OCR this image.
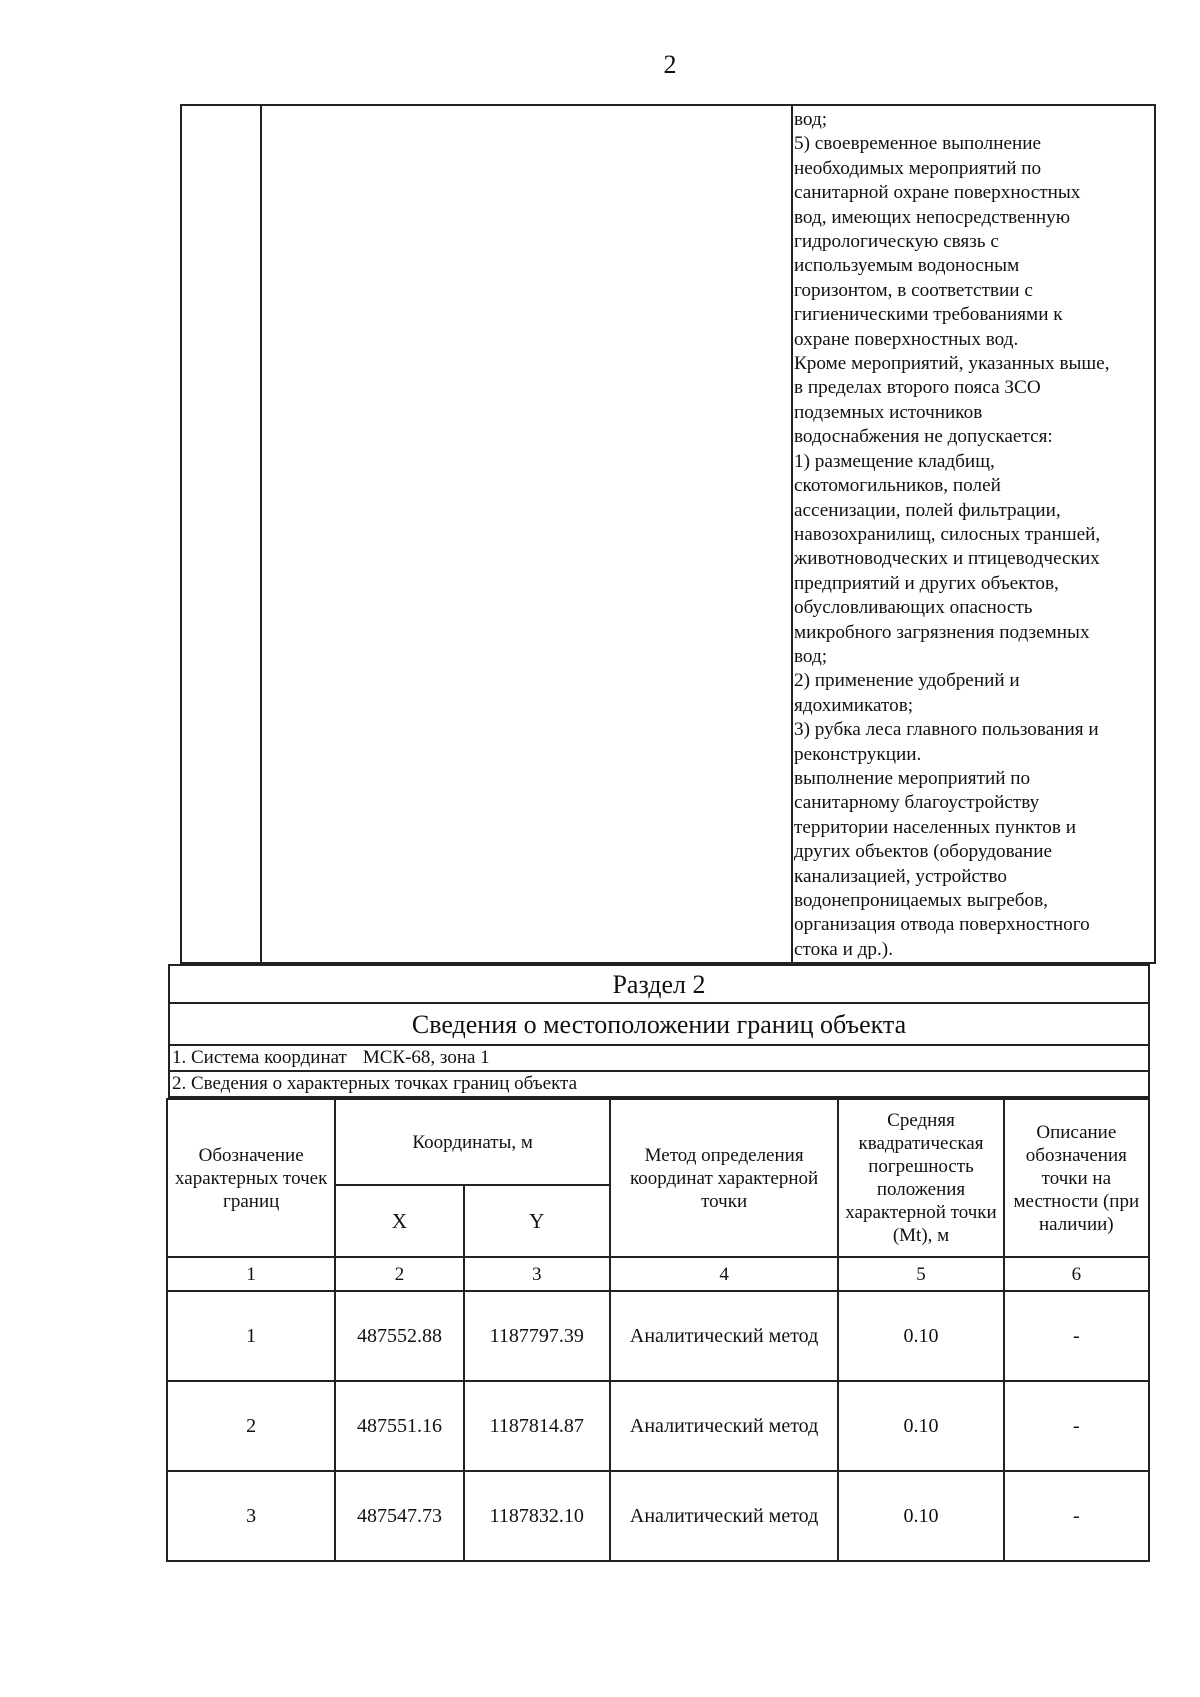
2
вод;
5) своевременное выполнение
необходимых мероприятий по
санитарной охране поверхностных
вод, имеющих непосредственную
гидрологическую связь с
используемым водоносным
горизонтом, в соответствии с
гигиеническими требованиями к
охране поверхностных вод.
Кроме мероприятий, указанных выше,
в пределах второго пояса ЗСО
подземных источников
водоснабжения не допускается:
1) размещение кладбищ,
скотомогильников, полей
ассенизации, полей фильтрации,
навозохранилищ, силосных траншей,
животноводческих и птицеводческих
предприятий и других объектов,
обусловливающих опасность
микробного загрязнения подземных
вод;
2) применение удобрений и
ядохимикатов;
3) рубка леса главного пользования и
реконструкции.
выполнение мероприятий по
санитарному благоустройству
территории населенных пунктов и
других объектов (оборудование
канализацией, устройство
водонепроницаемых выгребов,
организация отвода поверхностного
стока и др.).
Раздел 2
Сведения о местоположении границ объекта
1. Система координат МСК-68, зона 1
2. Сведения о характерных точках границ объекта
Обозначение характерных точек границ	Координаты, м		Метод определения координат характерной точки	Средняя квадратическая погрешность положения характерной точки (Mt), м	Описание обозначения точки на местности (при наличии)
	X	Y			
1	2	3	4	5	6
1	487552.88	1187797.39	Аналитический метод	0.10	-
2	487551.16	1187814.87	Аналитический метод	0.10	-
3	487547.73	1187832.10	Аналитический метод	0.10	-
